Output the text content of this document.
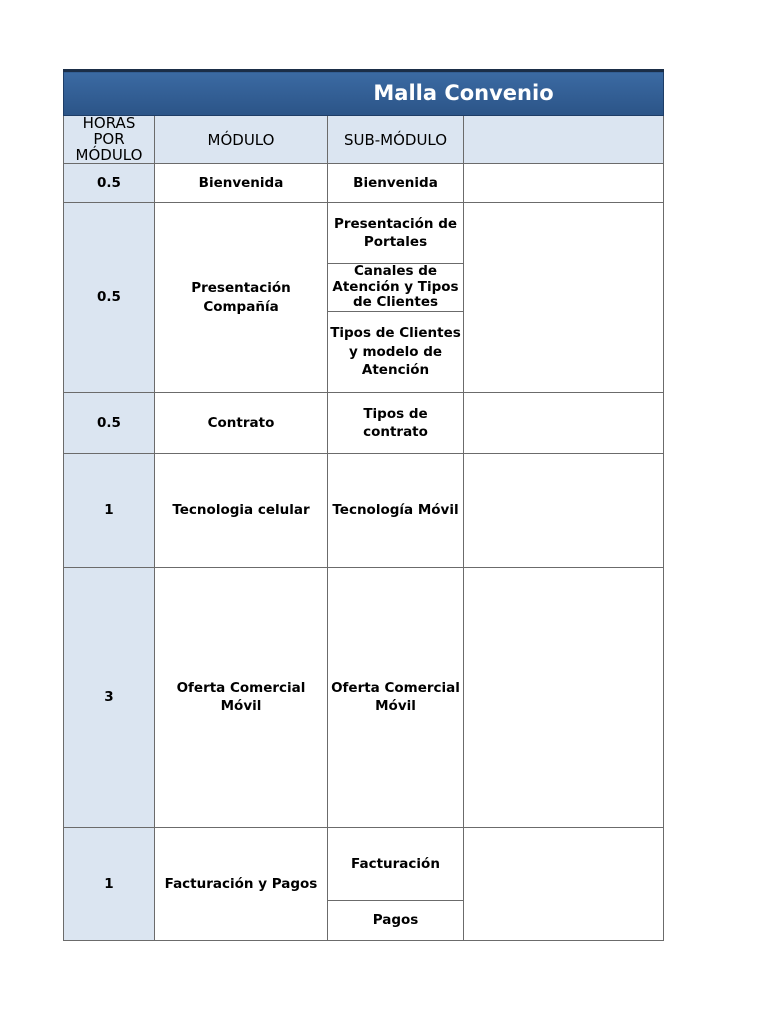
Malla Convenio			
HORAS POR MÓDULO	MÓDULO	SUB-MÓDULO	
0.5	Bienvenida	Bienvenida	
0.5	Presentación Compañía	Presentación de Portales	
		Canales de Atención y Tipos de Clientes	
		Tipos de Clientes y modelo de Atención	
0.5	Contrato	Tipos de contrato	
1	Tecnologia celular	Tecnología Móvil	
3	Oferta Comercial Móvil	Oferta Comercial Móvil	
1	Facturación y Pagos	Facturación	
		Pagos	
